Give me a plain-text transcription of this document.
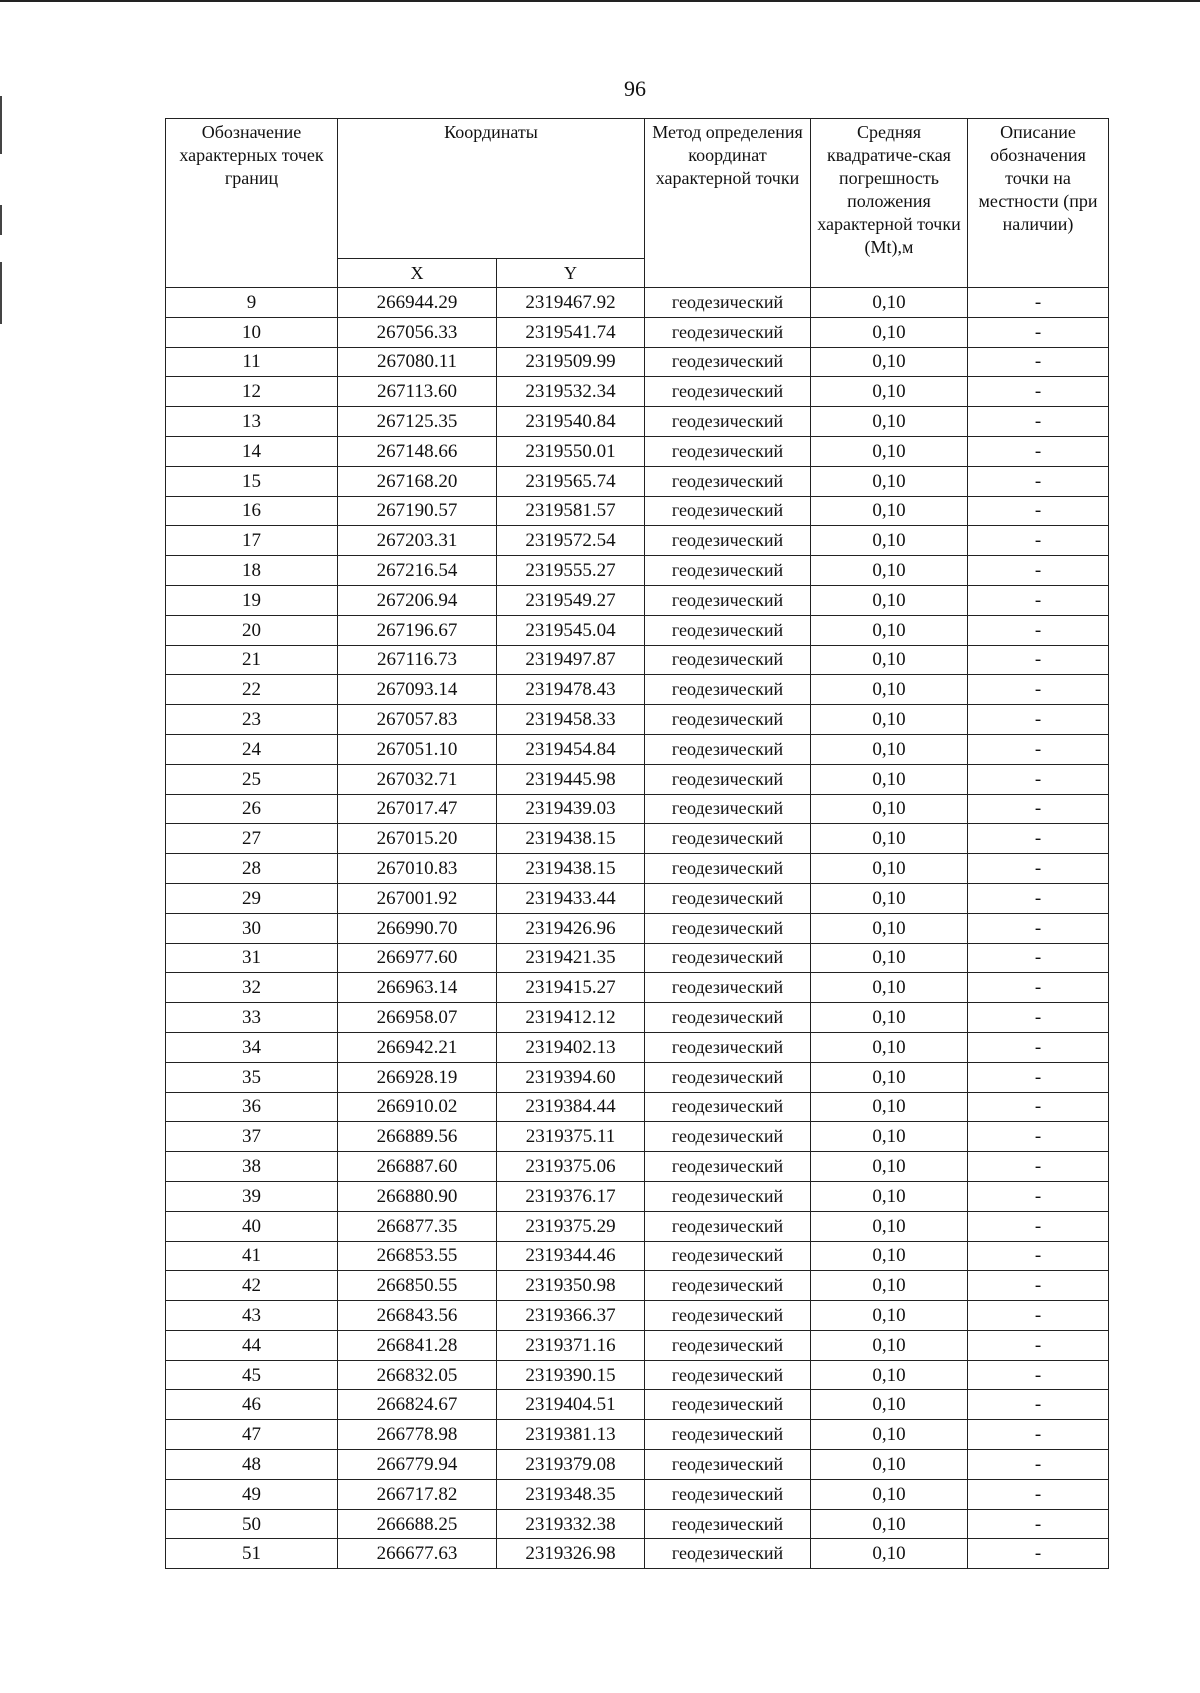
96
Обозначение характерных точек границ	Координаты		Метод определения координат характерной точки	Средняя квадратиче-ская погрешность положения характерной точки (Mt),м	Описание обозначения точки на местности (при наличии)
	X	Y			
9	266944.29	2319467.92	геодезический	0,10	-
10	267056.33	2319541.74	геодезический	0,10	-
11	267080.11	2319509.99	геодезический	0,10	-
12	267113.60	2319532.34	геодезический	0,10	-
13	267125.35	2319540.84	геодезический	0,10	-
14	267148.66	2319550.01	геодезический	0,10	-
15	267168.20	2319565.74	геодезический	0,10	-
16	267190.57	2319581.57	геодезический	0,10	-
17	267203.31	2319572.54	геодезический	0,10	-
18	267216.54	2319555.27	геодезический	0,10	-
19	267206.94	2319549.27	геодезический	0,10	-
20	267196.67	2319545.04	геодезический	0,10	-
21	267116.73	2319497.87	геодезический	0,10	-
22	267093.14	2319478.43	геодезический	0,10	-
23	267057.83	2319458.33	геодезический	0,10	-
24	267051.10	2319454.84	геодезический	0,10	-
25	267032.71	2319445.98	геодезический	0,10	-
26	267017.47	2319439.03	геодезический	0,10	-
27	267015.20	2319438.15	геодезический	0,10	-
28	267010.83	2319438.15	геодезический	0,10	-
29	267001.92	2319433.44	геодезический	0,10	-
30	266990.70	2319426.96	геодезический	0,10	-
31	266977.60	2319421.35	геодезический	0,10	-
32	266963.14	2319415.27	геодезический	0,10	-
33	266958.07	2319412.12	геодезический	0,10	-
34	266942.21	2319402.13	геодезический	0,10	-
35	266928.19	2319394.60	геодезический	0,10	-
36	266910.02	2319384.44	геодезический	0,10	-
37	266889.56	2319375.11	геодезический	0,10	-
38	266887.60	2319375.06	геодезический	0,10	-
39	266880.90	2319376.17	геодезический	0,10	-
40	266877.35	2319375.29	геодезический	0,10	-
41	266853.55	2319344.46	геодезический	0,10	-
42	266850.55	2319350.98	геодезический	0,10	-
43	266843.56	2319366.37	геодезический	0,10	-
44	266841.28	2319371.16	геодезический	0,10	-
45	266832.05	2319390.15	геодезический	0,10	-
46	266824.67	2319404.51	геодезический	0,10	-
47	266778.98	2319381.13	геодезический	0,10	-
48	266779.94	2319379.08	геодезический	0,10	-
49	266717.82	2319348.35	геодезический	0,10	-
50	266688.25	2319332.38	геодезический	0,10	-
51	266677.63	2319326.98	геодезический	0,10	-
